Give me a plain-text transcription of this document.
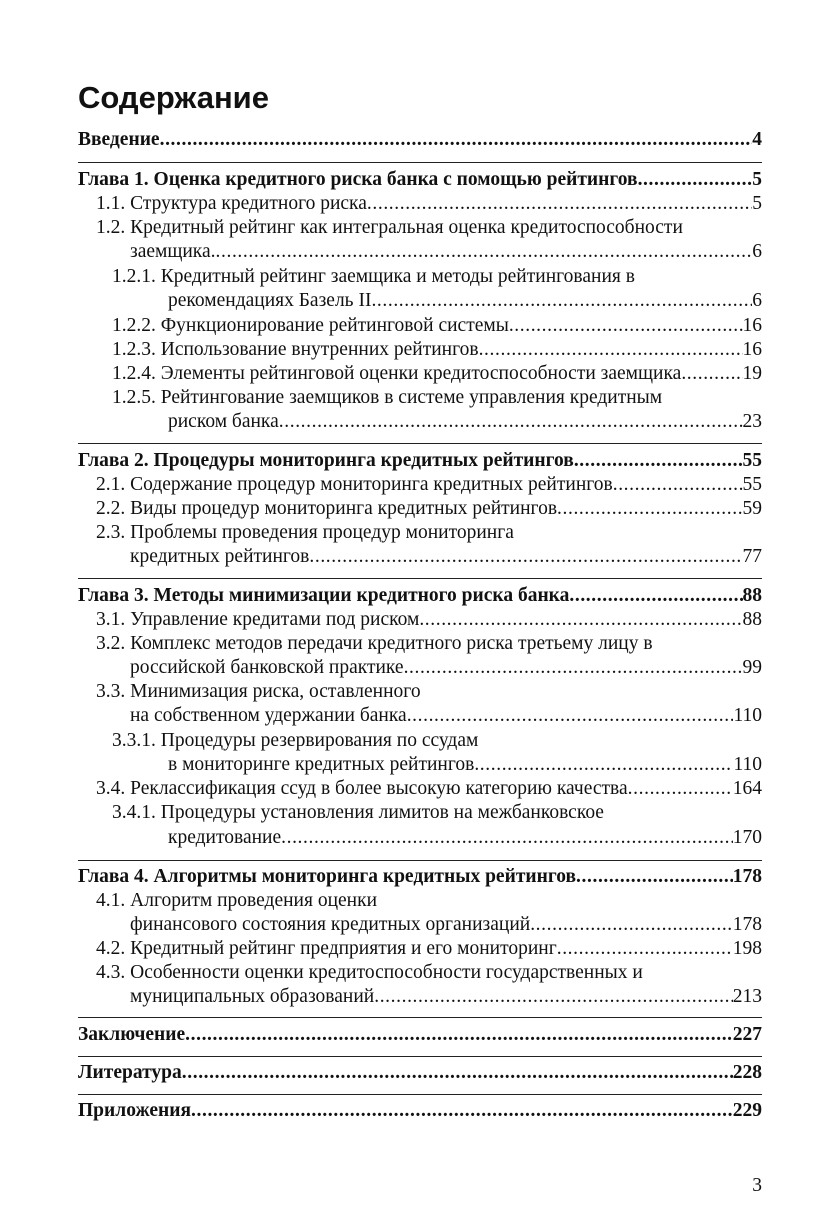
Содержание
Введение .....	4
Глава 1. Оценка кредитного риска банка с помощью рейтингов .....	5
1.1. Структура кредитного риска .....	5
1.2. Кредитный рейтинг как интегральная оценка кредитоспособности
заемщика. .....	6
1.2.1. Кредитный рейтинг заемщика и методы рейтингования в
рекомендациях Базель II .....	6
1.2.2. Функционирование рейтинговой системы .....	16
1.2.3. Использование внутренних рейтингов .....	16
1.2.4. Элементы рейтинговой оценки кредитоспособности заемщика .....	19
1.2.5. Рейтингование заемщиков в системе управления кредитным
риском банка .....	23
Глава 2. Процедуры мониторинга кредитных рейтингов .....	55
2.1. Содержание процедур мониторинга кредитных рейтингов .....	55
2.2. Виды процедур мониторинга кредитных рейтингов .....	59
2.3. Проблемы проведения процедур мониторинга
кредитных рейтингов .....	77
Глава 3. Методы минимизации кредитного риска банка .....	88
3.1. Управление кредитами под риском .....	88
3.2. Комплекс методов передачи кредитного риска третьему лицу в
российской банковской практике .....	99
3.3. Минимизация риска, оставленного
на собственном удержании банка .....	110
3.3.1. Процедуры резервирования по ссудам
в мониторинге кредитных рейтингов .....	110
3.4. Реклассификация ссуд в более высокую категорию качества .....	164
3.4.1. Процедуры установления лимитов на межбанковское
кредитование .....	170
Глава 4. Алгоритмы мониторинга кредитных рейтингов .....	178
4.1. Алгоритм проведения оценки
финансового состояния кредитных организаций .....	178
4.2. Кредитный рейтинг предприятия и его мониторинг .....	198
4.3. Особенности оценки кредитоспособности государственных и
муниципальных образований .....	213
Заключение .....	227
Литература .....	228
Приложения .....	229
3
